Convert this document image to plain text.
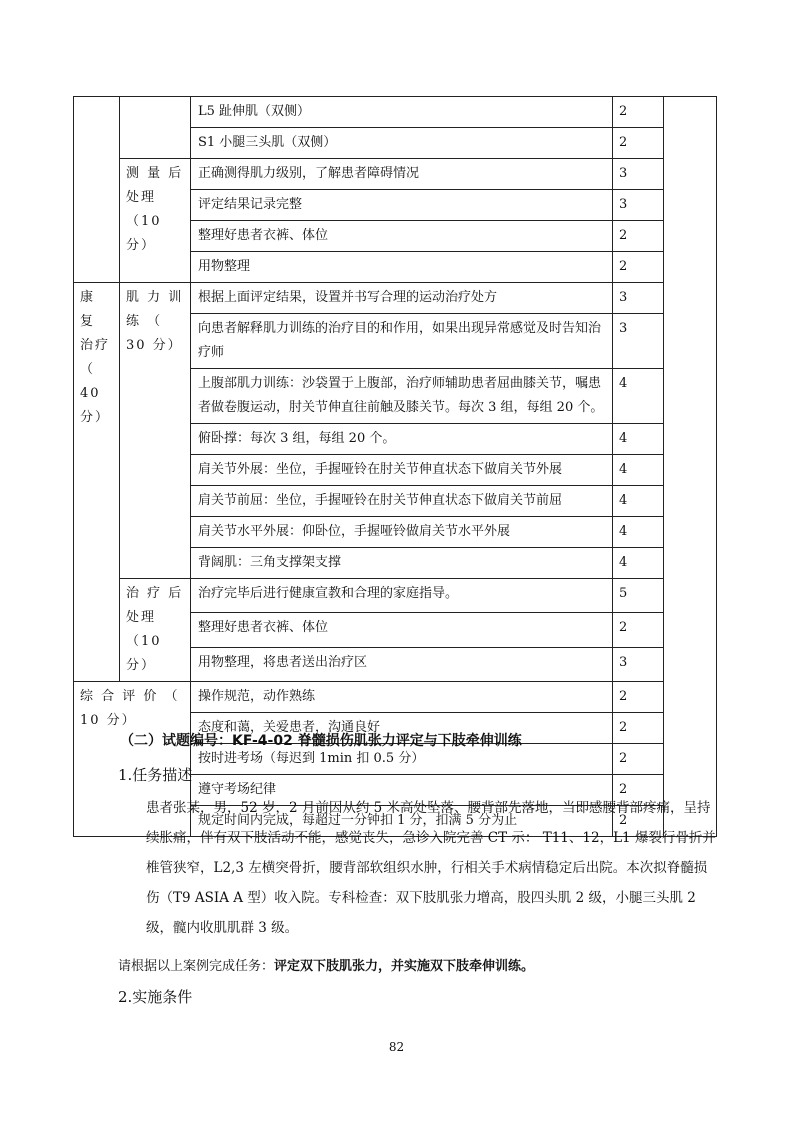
		L5 趾伸肌（双侧）	2	
		S1 小腿三头肌（双侧）	2	
	测 量 后 处理 （10 分）	正确测得肌力级别，了解患者障碍情况	3	
		评定结果记录完整	3	
		整理好患者衣裤、体位	2	
		用物整理	2	
康 复 治疗 （ 40 分）	肌 力 训 练 （ 30 分）	根据上面评定结果，设置并书写合理的运动治疗处方	3	
		向患者解释肌力训练的治疗目的和作用，如果出现异常感觉及时告知治疗师	3	
		上腹部肌力训练：沙袋置于上腹部，治疗师辅助患者屈曲膝关节，嘱患者做卷腹运动，肘关节伸直往前触及膝关节。每次 3 组，每组 20 个。	4	
		俯卧撑：每次 3 组，每组 20 个。	4	
		肩关节外展：坐位，手握哑铃在肘关节伸直状态下做肩关节外展	4	
		肩关节前屈：坐位，手握哑铃在肘关节伸直状态下做肩关节前屈	4	
		肩关节水平外展：仰卧位，手握哑铃做肩关节水平外展	4	
		背阔肌：三角支撑架支撑	4	
	治 疗 后 处理（10 分）	治疗完毕后进行健康宣教和合理的家庭指导。	5	
		整理好患者衣裤、体位	2	
		用物整理，将患者送出治疗区	3	
综 合 评 价 （ 10 分）		操作规范，动作熟练	2	
		态度和蔼，关爱患者，沟通良好	2	
		按时进考场（每迟到 1min 扣 0.5 分）	2	
		遵守考场纪律	2	
		规定时间内完成，每超过一分钟扣 1 分，扣满 5 分为止	2	
（二）试题编号：KF-4-02 脊髓损伤肌张力评定与下肢牵伸训练
1.任务描述
患者张某，男，52 岁，2 月前因从约 5 米高处坠落、腰背部先落地，当即感腰背部疼痛，呈持续胀痛，伴有双下肢活动不能，感觉丧失，急诊入院完善 CT 示： T11、12，L1 爆裂行骨折并椎管狭窄，L2,3 左横突骨折，腰背部软组织水肿，行相关手术病情稳定后出院。本次拟脊髓损伤（T9 ASIA A 型）收入院。专科检查：双下肢肌张力增高，股四头肌 2 级，小腿三头肌 2 级，髋内收肌肌群 3 级。
请根据以上案例完成任务：评定双下肢肌张力，并实施双下肢牵伸训练。
2.实施条件
82
